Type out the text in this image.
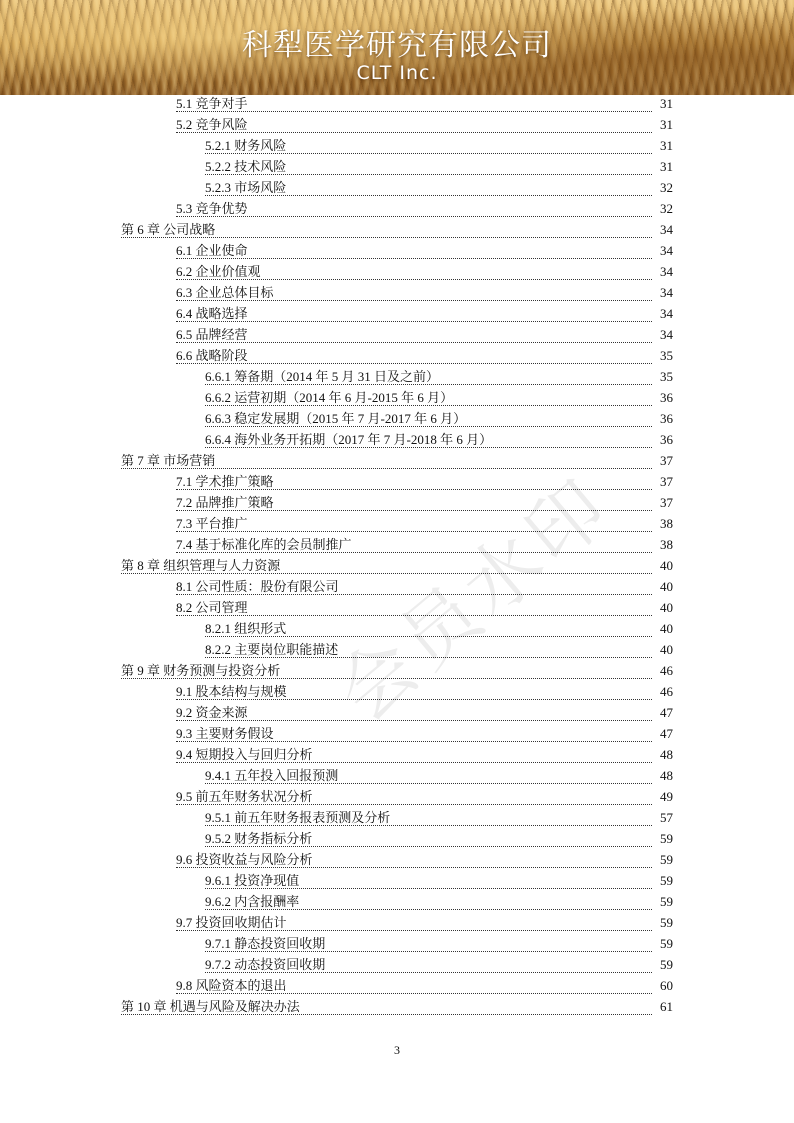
科犁医学研究有限公司
CLT Inc.
5.1 竞争对手	31
5.2 竞争风险	31
5.2.1 财务风险	31
5.2.2 技术风险	31
5.2.3 市场风险	32
5.3 竞争优势	32
第 6 章 公司战略	34
6.1 企业使命	34
6.2 企业价值观	34
6.3 企业总体目标	34
6.4 战略选择	34
6.5 品牌经营	34
6.6 战略阶段	35
6.6.1 筹备期（2014 年 5 月 31 日及之前）	35
6.6.2 运营初期（2014 年 6 月-2015 年 6 月）	36
6.6.3 稳定发展期（2015 年 7 月-2017 年 6 月）	36
6.6.4 海外业务开拓期（2017 年 7 月-2018 年 6 月）	36
第 7 章 市场营销	37
7.1 学术推广策略	37
7.2 品牌推广策略	37
7.3 平台推广	38
7.4 基于标准化库的会员制推广	38
第 8 章 组织管理与人力资源	40
8.1 公司性质：股份有限公司	40
8.2 公司管理	40
8.2.1 组织形式	40
8.2.2 主要岗位职能描述	40
第 9 章 财务预测与投资分析	46
9.1 股本结构与规模	46
9.2 资金来源	47
9.3 主要财务假设	47
9.4 短期投入与回归分析	48
9.4.1 五年投入回报预测	48
9.5 前五年财务状况分析	49
9.5.1 前五年财务报表预测及分析	57
9.5.2 财务指标分析	59
9.6 投资收益与风险分析	59
9.6.1 投资净现值	59
9.6.2 内含报酬率	59
9.7 投资回收期估计	59
9.7.1 静态投资回收期	59
9.7.2 动态投资回收期	59
9.8 风险资本的退出	60
第 10 章 机遇与风险及解决办法	61
会员水印
3
